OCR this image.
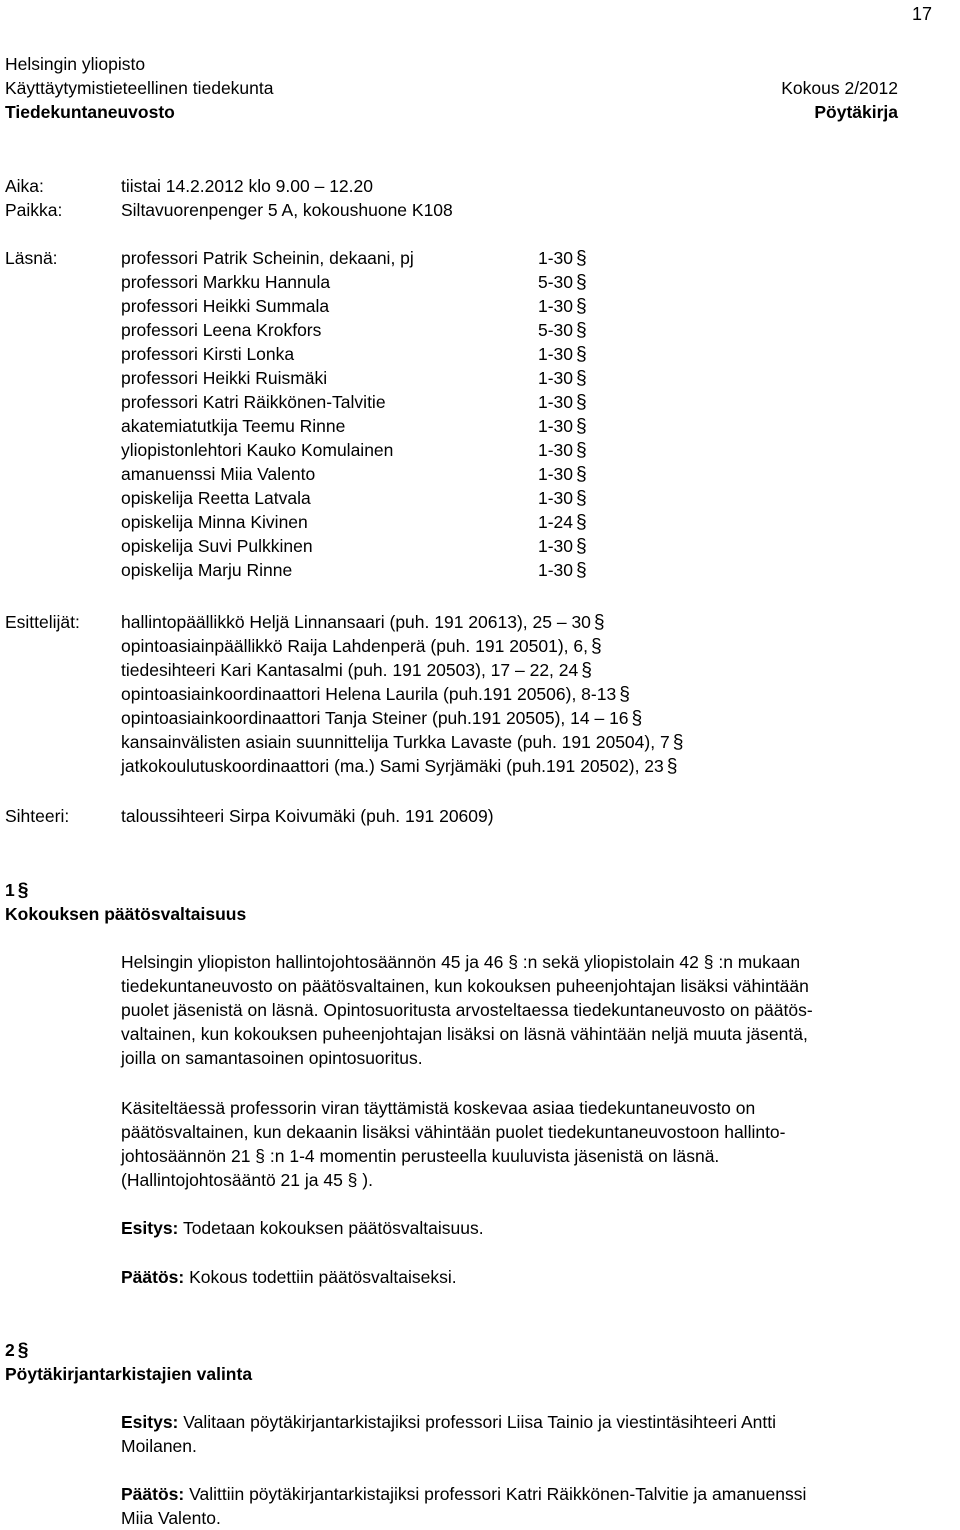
17
Helsingin yliopisto
Käyttäytymistieteellinen tiedekunta
Tiedekuntaneuvosto
Kokous 2/2012
Pöytäkirja
Aika:	tiistai 14.2.2012 klo 9.00 – 12.20
Paikka:	Siltavuorenpenger 5 A, kokoushuone K108
Läsnä:	professori Patrik Scheinin, dekaani, pj	1-30 §
professori Markku Hannula	5-30 §
professori Heikki Summala	1-30 §
professori Leena Krokfors	5-30 §
professori Kirsti Lonka	1-30 §
professori Heikki Ruismäki	1-30 §
professori Katri Räikkönen-Talvitie	1-30 §
akatemiatutkija Teemu Rinne	1-30 §
yliopistonlehtori Kauko Komulainen	1-30 §
amanuenssi Miia Valento	1-30 §
opiskelija Reetta Latvala	1-30 §
opiskelija Minna Kivinen	1-24 §
opiskelija Suvi Pulkkinen	1-30 §
opiskelija Marju Rinne	1-30 §
Esittelijät: hallintopäällikkö Heljä Linnansaari (puh. 191 20613), 25 – 30 §
opintoasiainpäällikkö Raija Lahdenperä (puh. 191 20501), 6, §
tiedesihteeri Kari Kantasalmi (puh. 191 20503), 17 – 22, 24 §
opintoasiainkoordinaattori Helena Laurila (puh.191 20506), 8-13 §
opintoasiainkoordinaattori Tanja Steiner (puh.191 20505), 14 – 16 §
kansainvälisten asiain suunnittelija Turkka Lavaste (puh. 191 20504), 7 §
jatkokoulutuskoordinaattori (ma.) Sami Syrjämäki (puh.191 20502), 23 §
Sihteeri:	taloussihteeri Sirpa Koivumäki (puh. 191 20609)
1 §
Kokouksen päätösvaltaisuus

Helsingin yliopiston hallintojohtosäännön 45 ja 46 § :n sekä yliopistolain 42 § :n mukaan

tiedekuntaneuvosto on päätösvaltainen, kun kokouksen puheenjohtajan lisäksi vähintään

puolet jäsenistä on läsnä. Opintosuoritusta arvosteltaessa tiedekuntaneuvosto on päätös-

valtainen, kun kokouksen puheenjohtajan lisäksi on läsnä vähintään neljä muuta jäsentä,

joilla on samantasoinen opintosuoritus.

Käsiteltäessä professorin viran täyttämistä koskevaa asiaa tiedekuntaneuvosto on

päätösvaltainen, kun dekaanin lisäksi vähintään puolet tiedekuntaneuvostoon hallinto-

johtosäännön 21 § :n 1-4 momentin perusteella kuuluvista jäsenistä on läsnä.

(Hallintojohtosääntö 21 ja 45 § ).

Esitys: Todetaan kokouksen päätösvaltaisuus.

Päätös: Kokous todettiin päätösvaltaiseksi.

2 §
Pöytäkirjantarkistajien valinta

Esitys: Valitaan pöytäkirjantarkistajiksi professori Liisa Tainio ja viestintäsihteeri Antti

Moilanen.

Päätös: Valittiin pöytäkirjantarkistajiksi professori Katri Räikkönen-Talvitie ja amanuenssi

Miia Valento.
